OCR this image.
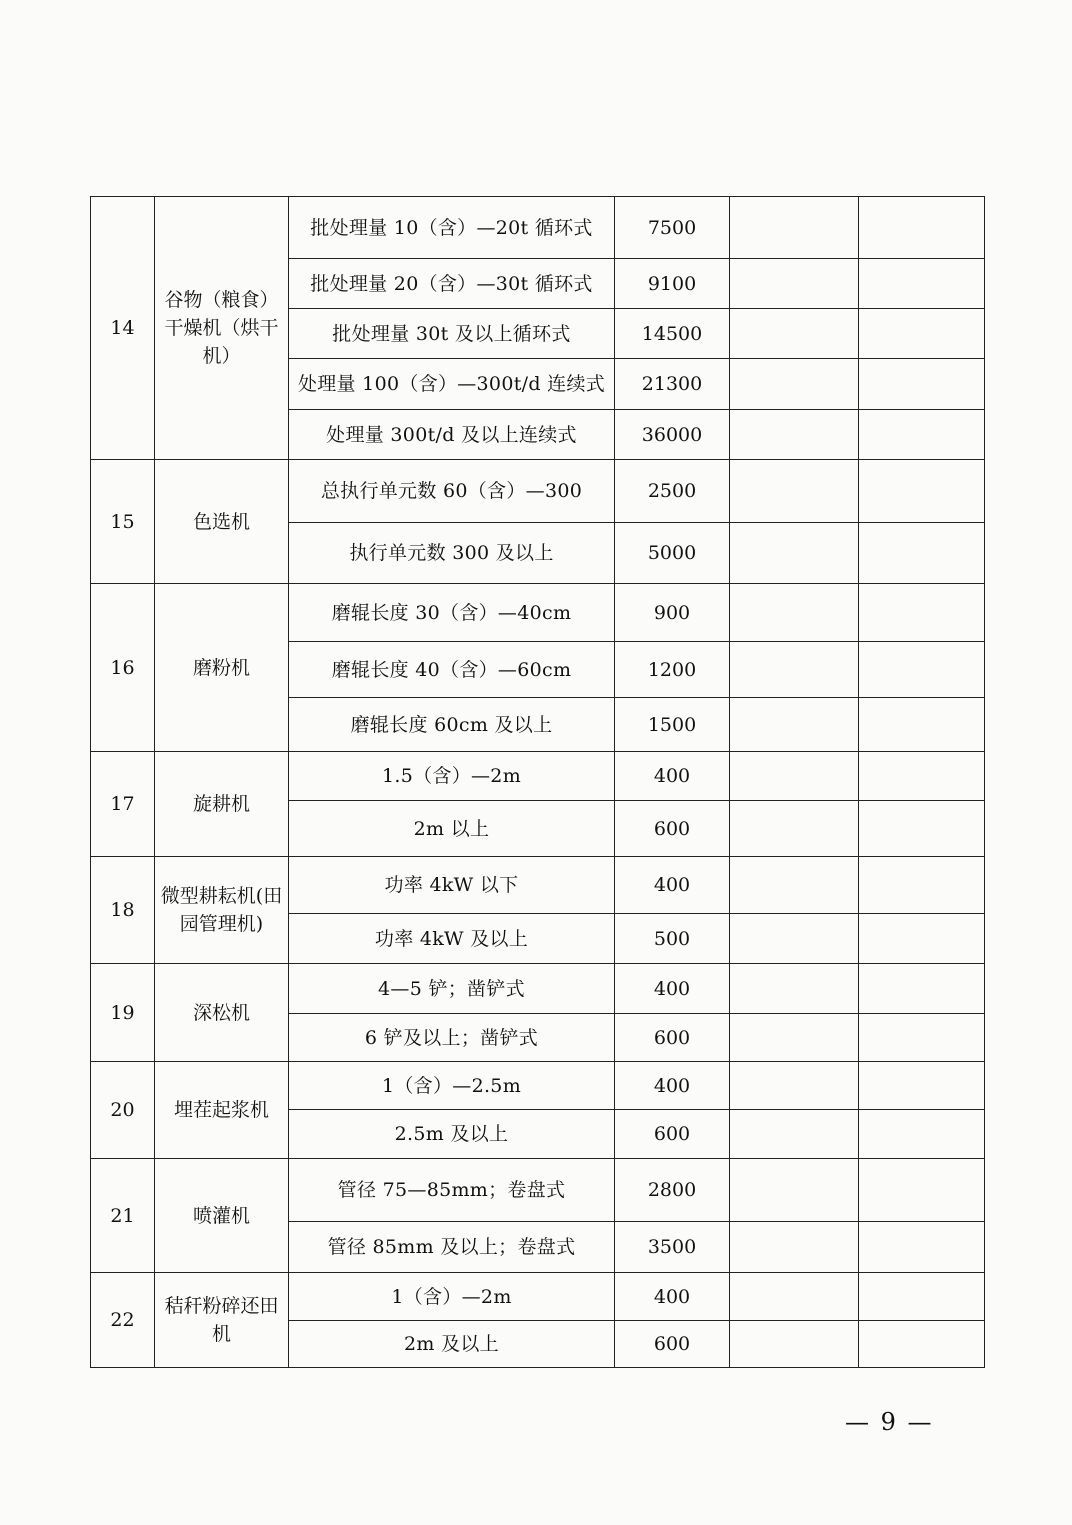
14	谷物（粮食）干燥机（烘干机）	批处理量 10（含）—20t 循环式	7500		
		批处理量 20（含）—30t 循环式	9100		
		批处理量 30t 及以上循环式	14500		
		处理量 100（含）—300t/d 连续式	21300		
		处理量 300t/d 及以上连续式	36000		
15	色选机	总执行单元数 60（含）—300	2500		
		执行单元数 300 及以上	5000		
16	磨粉机	磨辊长度 30（含）—40cm	900		
		磨辊长度 40（含）—60cm	1200		
		磨辊长度 60cm 及以上	1500		
17	旋耕机	1.5（含）—2m	400		
		2m 以上	600		
18	微型耕耘机(田园管理机)	功率 4kW 以下	400		
		功率 4kW 及以上	500		
19	深松机	4—5 铲；凿铲式	400		
		6 铲及以上；凿铲式	600		
20	埋茬起浆机	1（含）—2.5m	400		
		2.5m 及以上	600		
21	喷灌机	管径 75—85mm；卷盘式	2800		
		管径 85mm 及以上；卷盘式	3500		
22	秸秆粉碎还田机	1（含）—2m	400		
		2m 及以上	600		
— 9 —
